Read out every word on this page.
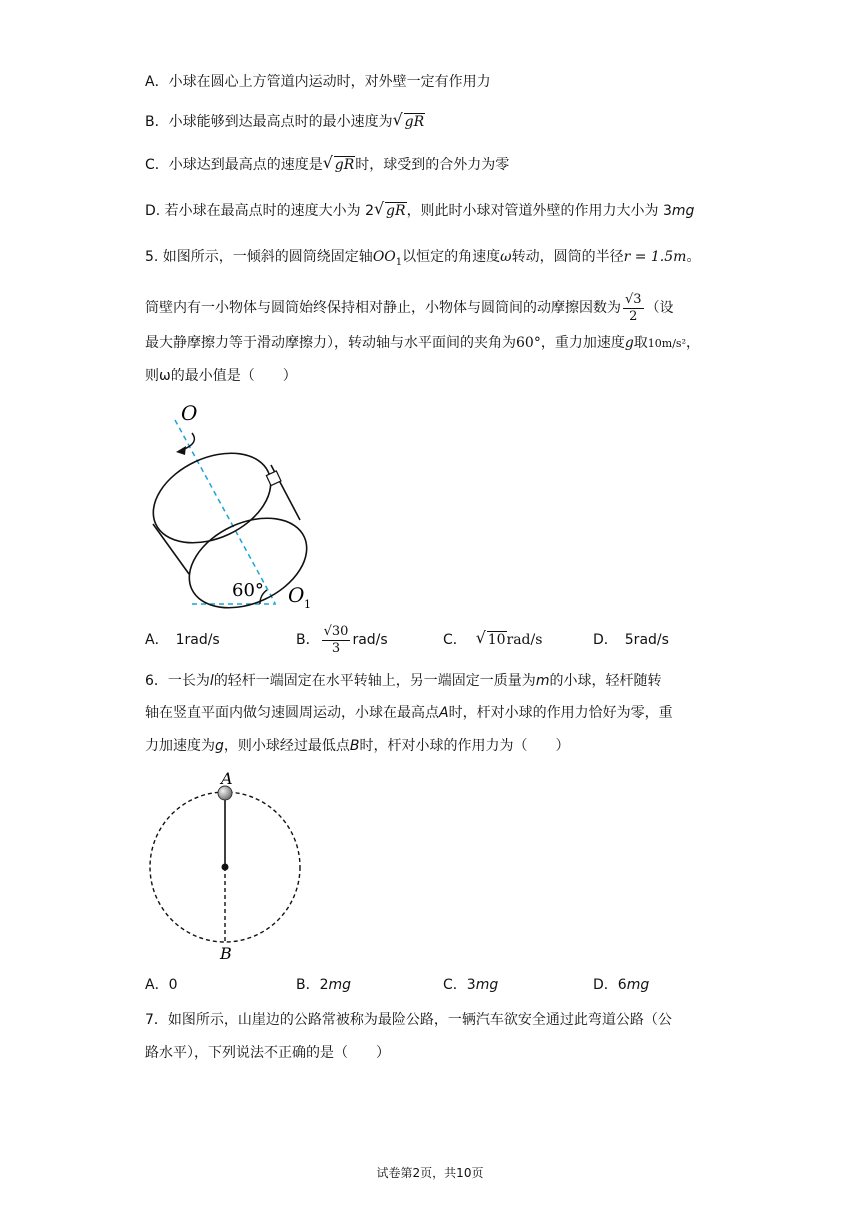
A．小球在圆心上方管道内运动时，对外壁一定有作用力
B．小球能够到达最高点时的最小速度为 √ gR
C．小球达到最高点的速度是 √ gR时，球受到的合外力为零
D. 若小球在最高点时的速度大小为 2 √ gR，则此时小球对管道外壁的作用力大小为 3mg
5. 如图所示，一倾斜的圆筒绕固定轴$OO_1$以恒定的角速度ω转动，圆筒的半径r = 1.5m。
筒壁内有一小物体与圆筒始终保持相对静止，小物体与圆筒间的动摩擦因数为 $\frac{√3}{2}$ （设
最大静摩擦力等于滑动摩擦力），转动轴与水平面间的夹角为60°，重力加速度g取10m/s²，
则ω的最小值是（　　）
O
60° O 1
A．　1rad/s	B． $\frac{√30}{3} rad/s$	C． √ 10rad/s	D．　5rad/s
6．一长为l的轻杆一端固定在水平转轴上，另一端固定一质量为m的小球，轻杆随转
轴在竖直平面内做匀速圆周运动，小球在最高点A时，杆对小球的作用力恰好为零，重
力加速度为g，则小球经过最低点B时，杆对小球的作用力为（　　）
A
B
A．0	B．2mg	C．3mg	D．6mg
7．如图所示，山崖边的公路常被称为最险公路，一辆汽车欲安全通过此弯道公路（公
路水平），下列说法不正确的是（　　）
试卷第2页，共10页
